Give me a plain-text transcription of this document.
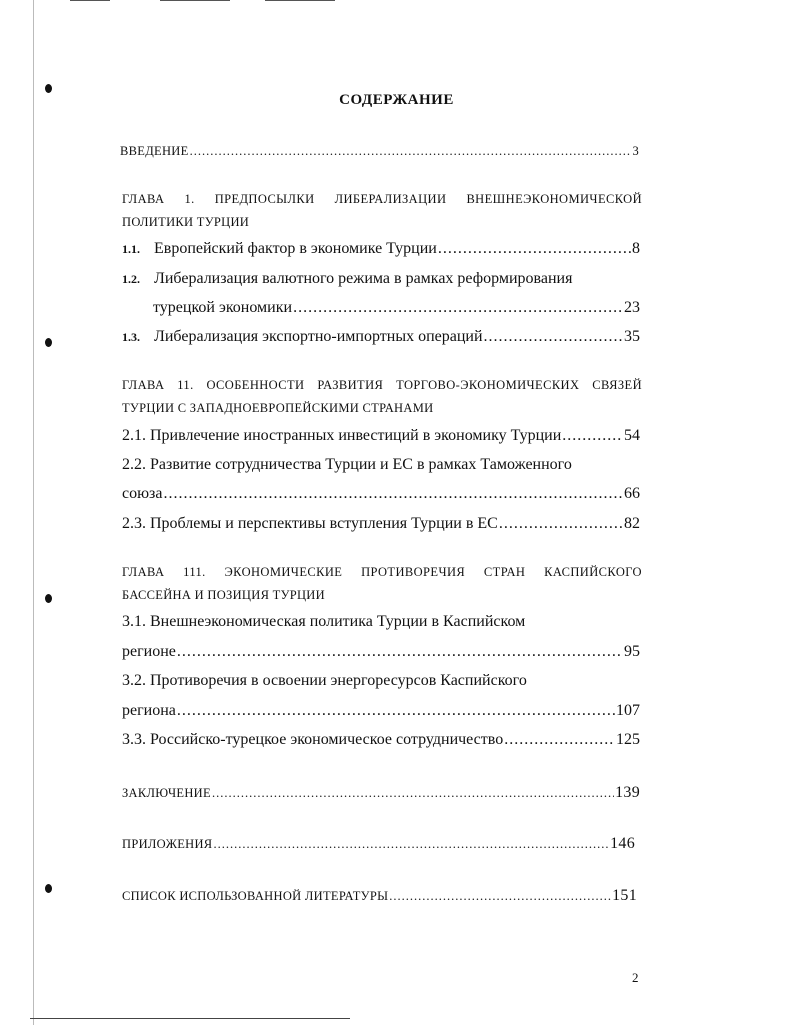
СОДЕРЖАНИЕ
ВВЕДЕНИЕ .....	3
ГЛАВА 1. ПРЕДПОСЫЛКИ ЛИБЕРАЛИЗАЦИИ ВНЕШНЕЭКОНОМИЧЕСКОЙ
ПОЛИТИКИ ТУРЦИИ
1.1. Европейский фактор в экономике Турции .....	8
1.2. Либерализация валютного режима в рамках реформирования
турецкой экономики .....	23
1.3. Либерализация экспортно-импортных операций .....	35
ГЛАВА 11. ОСОБЕННОСТИ РАЗВИТИЯ ТОРГОВО-ЭКОНОМИЧЕСКИХ СВЯЗЕЙ
ТУРЦИИ С ЗАПАДНОЕВРОПЕЙСКИМИ СТРАНАМИ
2.1. Привлечение иностранных инвестиций в экономику Турции .....	54
2.2. Развитие сотрудничества Турции и ЕС в рамках Таможенного
союза .....	66
2.3. Проблемы и перспективы вступления Турции в ЕС .....	82
ГЛАВА 111. ЭКОНОМИЧЕСКИЕ ПРОТИВОРЕЧИЯ СТРАН КАСПИЙСКОГО
БАССЕЙНА И ПОЗИЦИЯ ТУРЦИИ
3.1. Внешнеэкономическая политика Турции в Каспийском
регионе .....	95
3.2. Противоречия в освоении энергоресурсов Каспийского
региона .....	107
3.3. Российско-турецкое экономическое сотрудничество .....	125
ЗАКЛЮЧЕНИЕ .....	139
ПРИЛОЖЕНИЯ .....	146
СПИСОК ИСПОЛЬЗОВАННОЙ ЛИТЕРАТУРЫ .....	151
2
